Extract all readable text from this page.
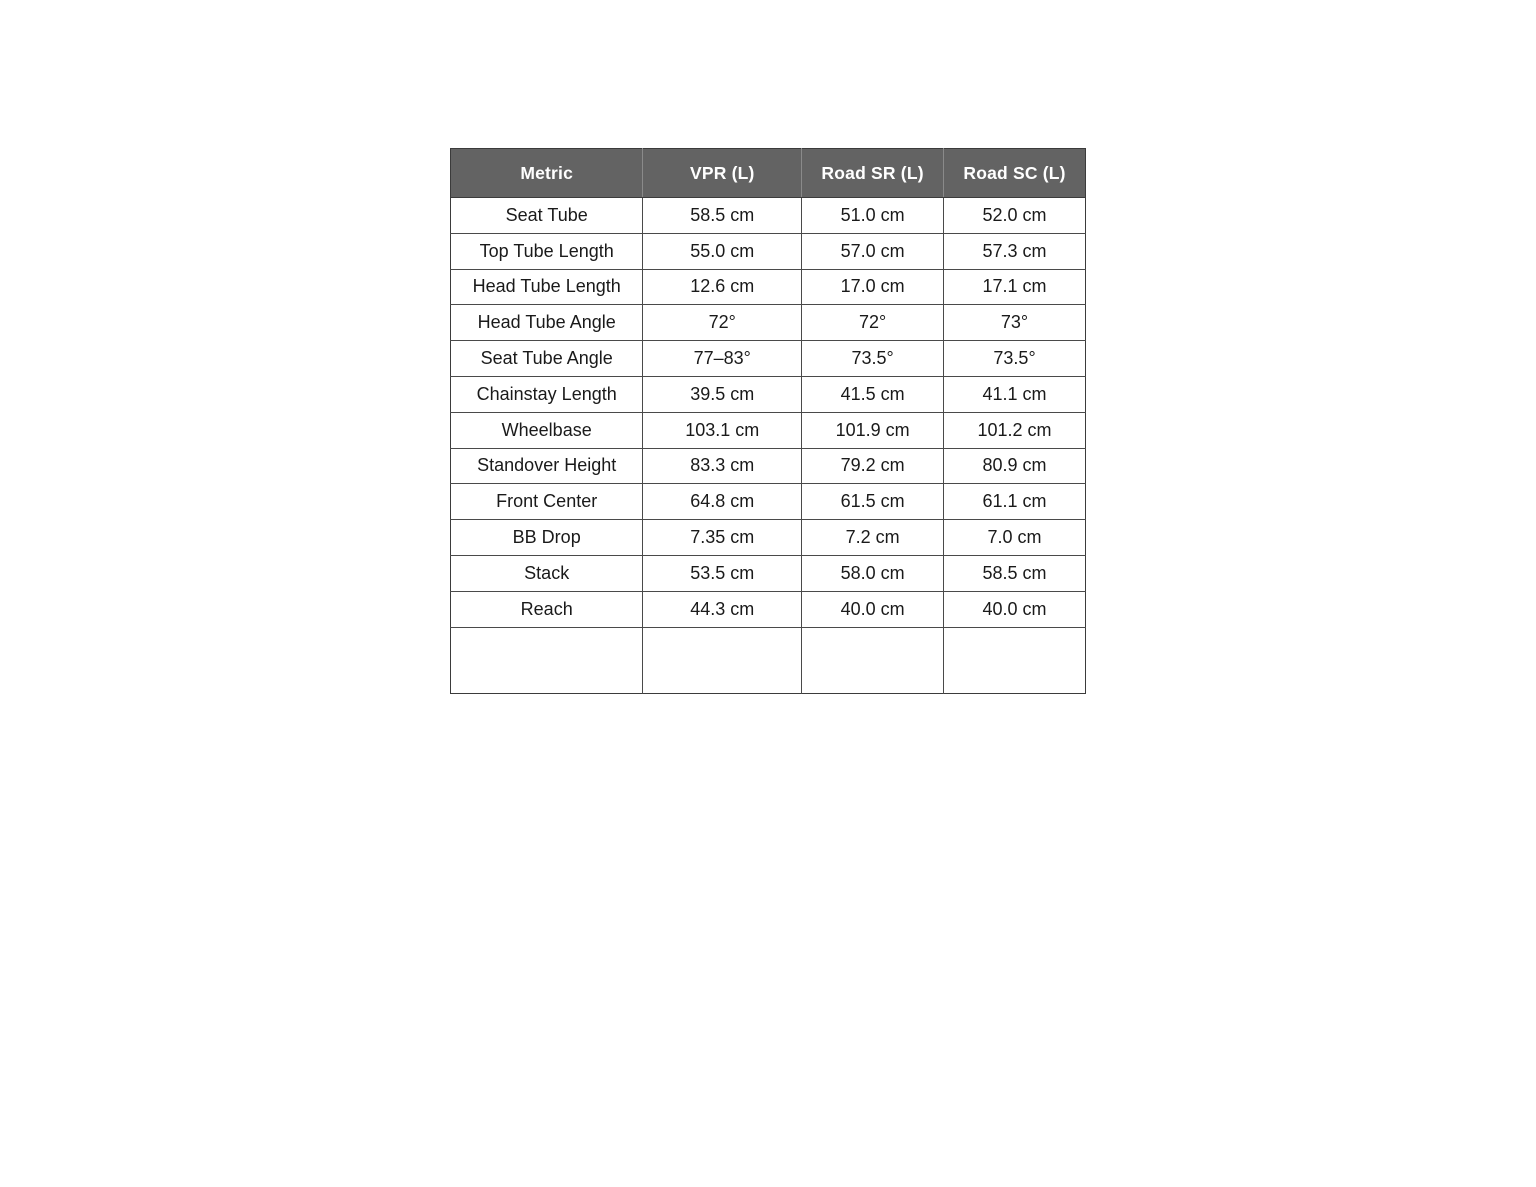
Metric	VPR (L)	Road SR (L)	Road SC (L)
Seat Tube	58.5 cm	51.0 cm	52.0 cm
Top Tube Length	55.0 cm	57.0 cm	57.3 cm
Head Tube Length	12.6 cm	17.0 cm	17.1 cm
Head Tube Angle	72°	72°	73°
Seat Tube Angle	77–83°	73.5°	73.5°
Chainstay Length	39.5 cm	41.5 cm	41.1 cm
Wheelbase	103.1 cm	101.9 cm	101.2 cm
Standover Height	83.3 cm	79.2 cm	80.9 cm
Front Center	64.8 cm	61.5 cm	61.1 cm
BB Drop	7.35 cm	7.2 cm	7.0 cm
Stack	53.5 cm	58.0 cm	58.5 cm
Reach	44.3 cm	40.0 cm	40.0 cm
